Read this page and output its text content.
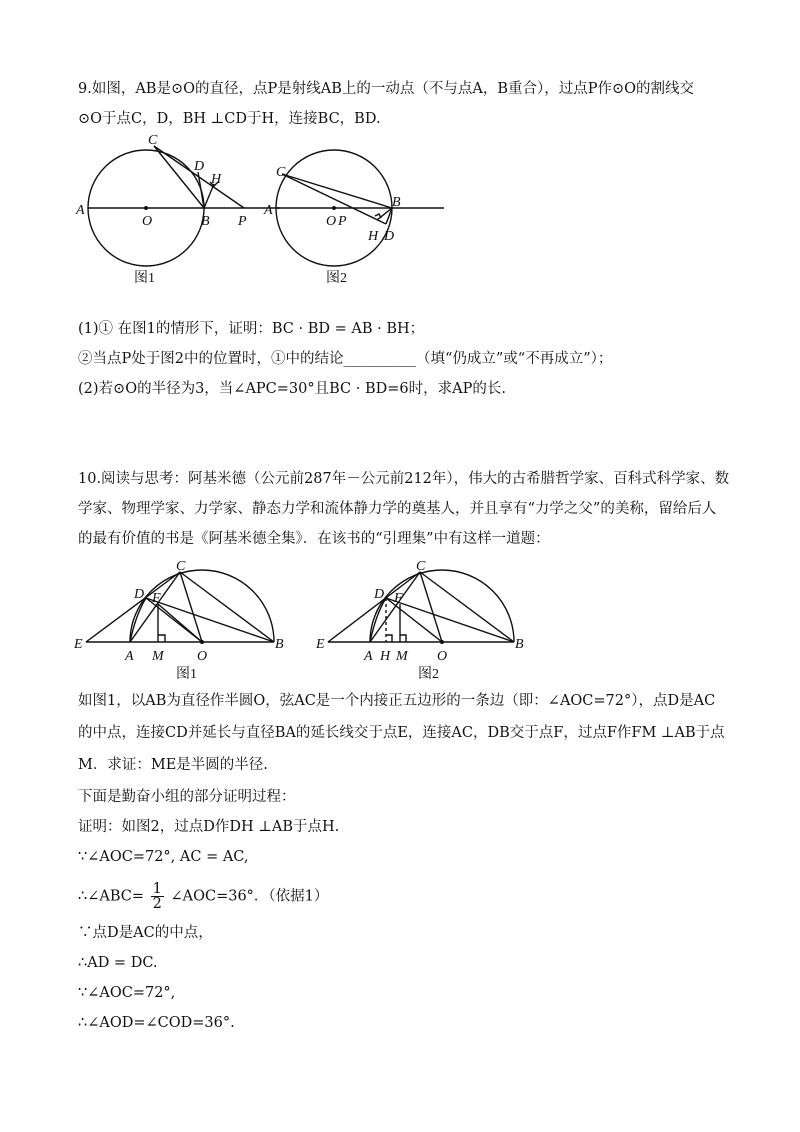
9.如图，AB是⊙O的直径，点P是射线AB上的一动点（不与点A，B重合），过点P作⊙O的割线交
⊙O于点C，D，BH ⊥CD于H，连接BC，BD.
A
O	B P
C
D
H
图1
A
O P
B
C
H D
图2
(1)① 在图1的情形下，证明：BC · BD = AB · BH；
②当点P处于图2中的位置时，①中的结论__________（填“仍成立”或“不再成立”）；
(2)若⊙O的半径为3，当∠APC=30°且BC · BD=6时，求AP的长.
10.阅读与思考：阿基米德（公元前287年－公元前212年），伟大的古希腊哲学家、百科式科学家、数
学家、物理学家、力学家、静态力学和流体静力学的奠基人，并且享有“力学之父”的美称，留给后人
的最有价值的书是《阿基米德全集》．在该书的“引理集”中有这样一道题：
E
A M O
B
C
D F
图1
E
A H M O
B
C
D F
图2
如图1，以AB为直径作半圆O，弦AC是一个内接正五边形的一条边（即：∠AOC=72°），点D是AC
的中点，连接CD并延长与直径BA的延长线交于点E，连接AC，DB交于点F，过点F作FM ⊥AB于点
M．求证：ME是半圆的半径.
下面是勤奋小组的部分证明过程：
证明：如图2，过点D作DH ⊥AB于点H.
∵∠AOC=72°, AC = AC,
∴∠ABC= $\frac{1}{2}$ ∠AOC=36°．（依据1）
∵点D是AC的中点，
∴AD = DC.
∵∠AOC=72°,
∴∠AOD=∠COD=36°.
